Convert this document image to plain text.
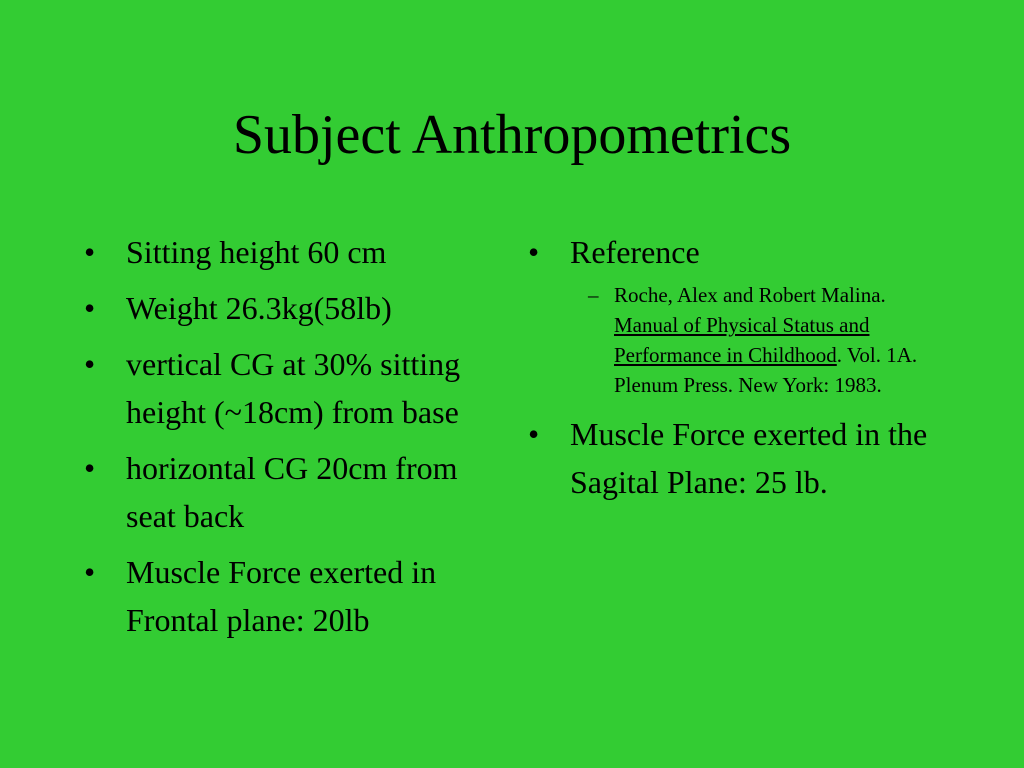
Subject Anthropometrics
• Sitting height 60 cm
• Weight 26.3kg(58lb)
• vertical CG at 30% sitting height (~18cm) from base
• horizontal CG 20cm from seat back
• Muscle Force exerted in Frontal plane: 20lb
• Reference
– Roche, Alex and Robert Malina. Manual of Physical Status and Performance in Childhood. Vol. 1A. Plenum Press. New York: 1983.
• Muscle Force exerted in the Sagital Plane: 25 lb.
